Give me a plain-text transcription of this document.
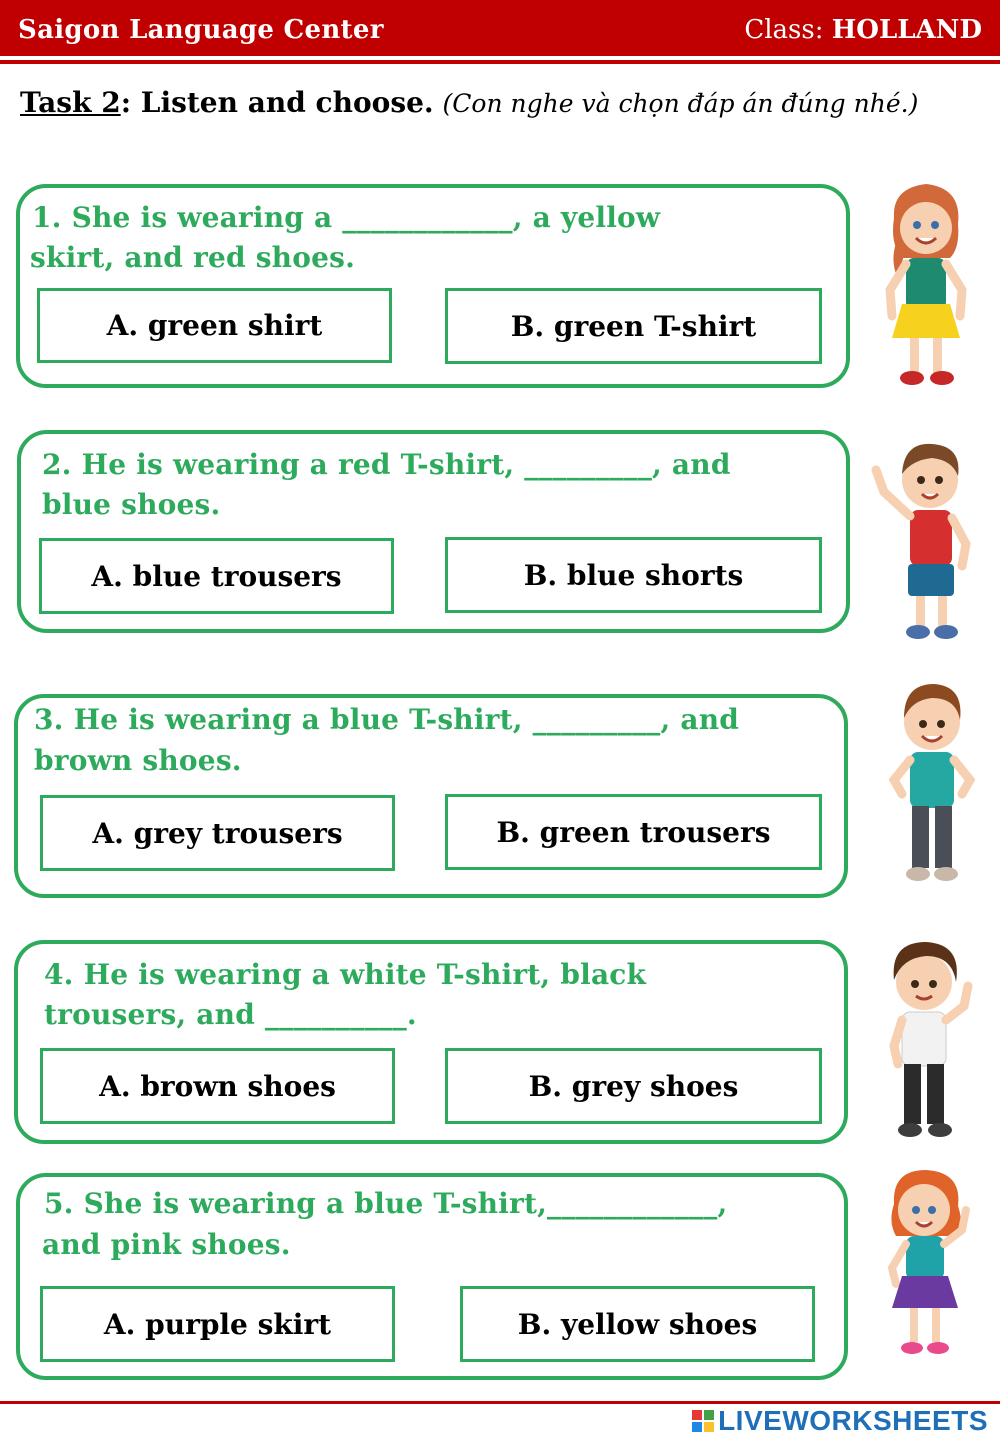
Saigon Language Center	Class: HOLLAND
Task 2: Listen and choose. (Con nghe và chọn đáp án đúng nhé.)
1. She is wearing a ____________, a yellow
skirt, and red shoes.
A. green shirt	B. green T-shirt
2. He is wearing a red T-shirt, _________, and
blue shoes.
A. blue trousers	B. blue shorts
3. He is wearing a blue T-shirt, _________, and
brown shoes.
A. grey trousers	B. green trousers
4. He is wearing a white T-shirt, black
trousers, and __________.
A. brown shoes	B. grey shoes
5. She is wearing a blue T-shirt,____________,
and pink shoes.
A. purple skirt	B. yellow shoes
LIVEWORKSHEETS
